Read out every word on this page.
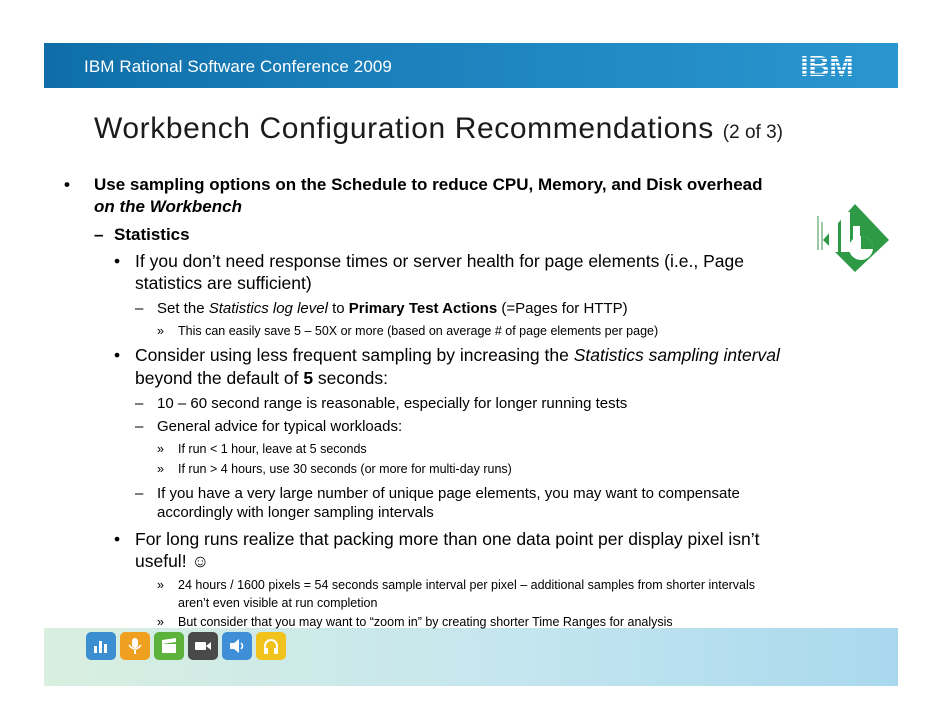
IBM Rational Software Conference 2009	IBM
Workbench Configuration Recommendations (2 of 3)
• Use sampling options on the Schedule to reduce CPU, Memory, and Disk overhead
on the Workbench
– Statistics
• If you don’t need response times or server health for page elements (i.e., Page
statistics are sufficient)
– Set the Statistics log level to Primary Test Actions (=Pages for HTTP)
» This can easily save 5 – 50X or more (based on average # of page elements per page)
• Consider using less frequent sampling by increasing the Statistics sampling interval
beyond the default of 5 seconds:
– 10 – 60 second range is reasonable, especially for longer running tests
– General advice for typical workloads:
» If run < 1 hour, leave at 5 seconds
» If run > 4 hours, use 30 seconds (or more for multi-day runs)
– If you have a very large number of unique page elements, you may want to compensate
accordingly with longer sampling intervals
• For long runs realize that packing more than one data point per display pixel isn’t
useful! ☺
» 24 hours / 1600 pixels = 54 seconds sample interval per pixel – additional samples from shorter intervals
aren’t even visible at run completion
» But consider that you may want to “zoom in” by creating shorter Time Ranges for analysis
